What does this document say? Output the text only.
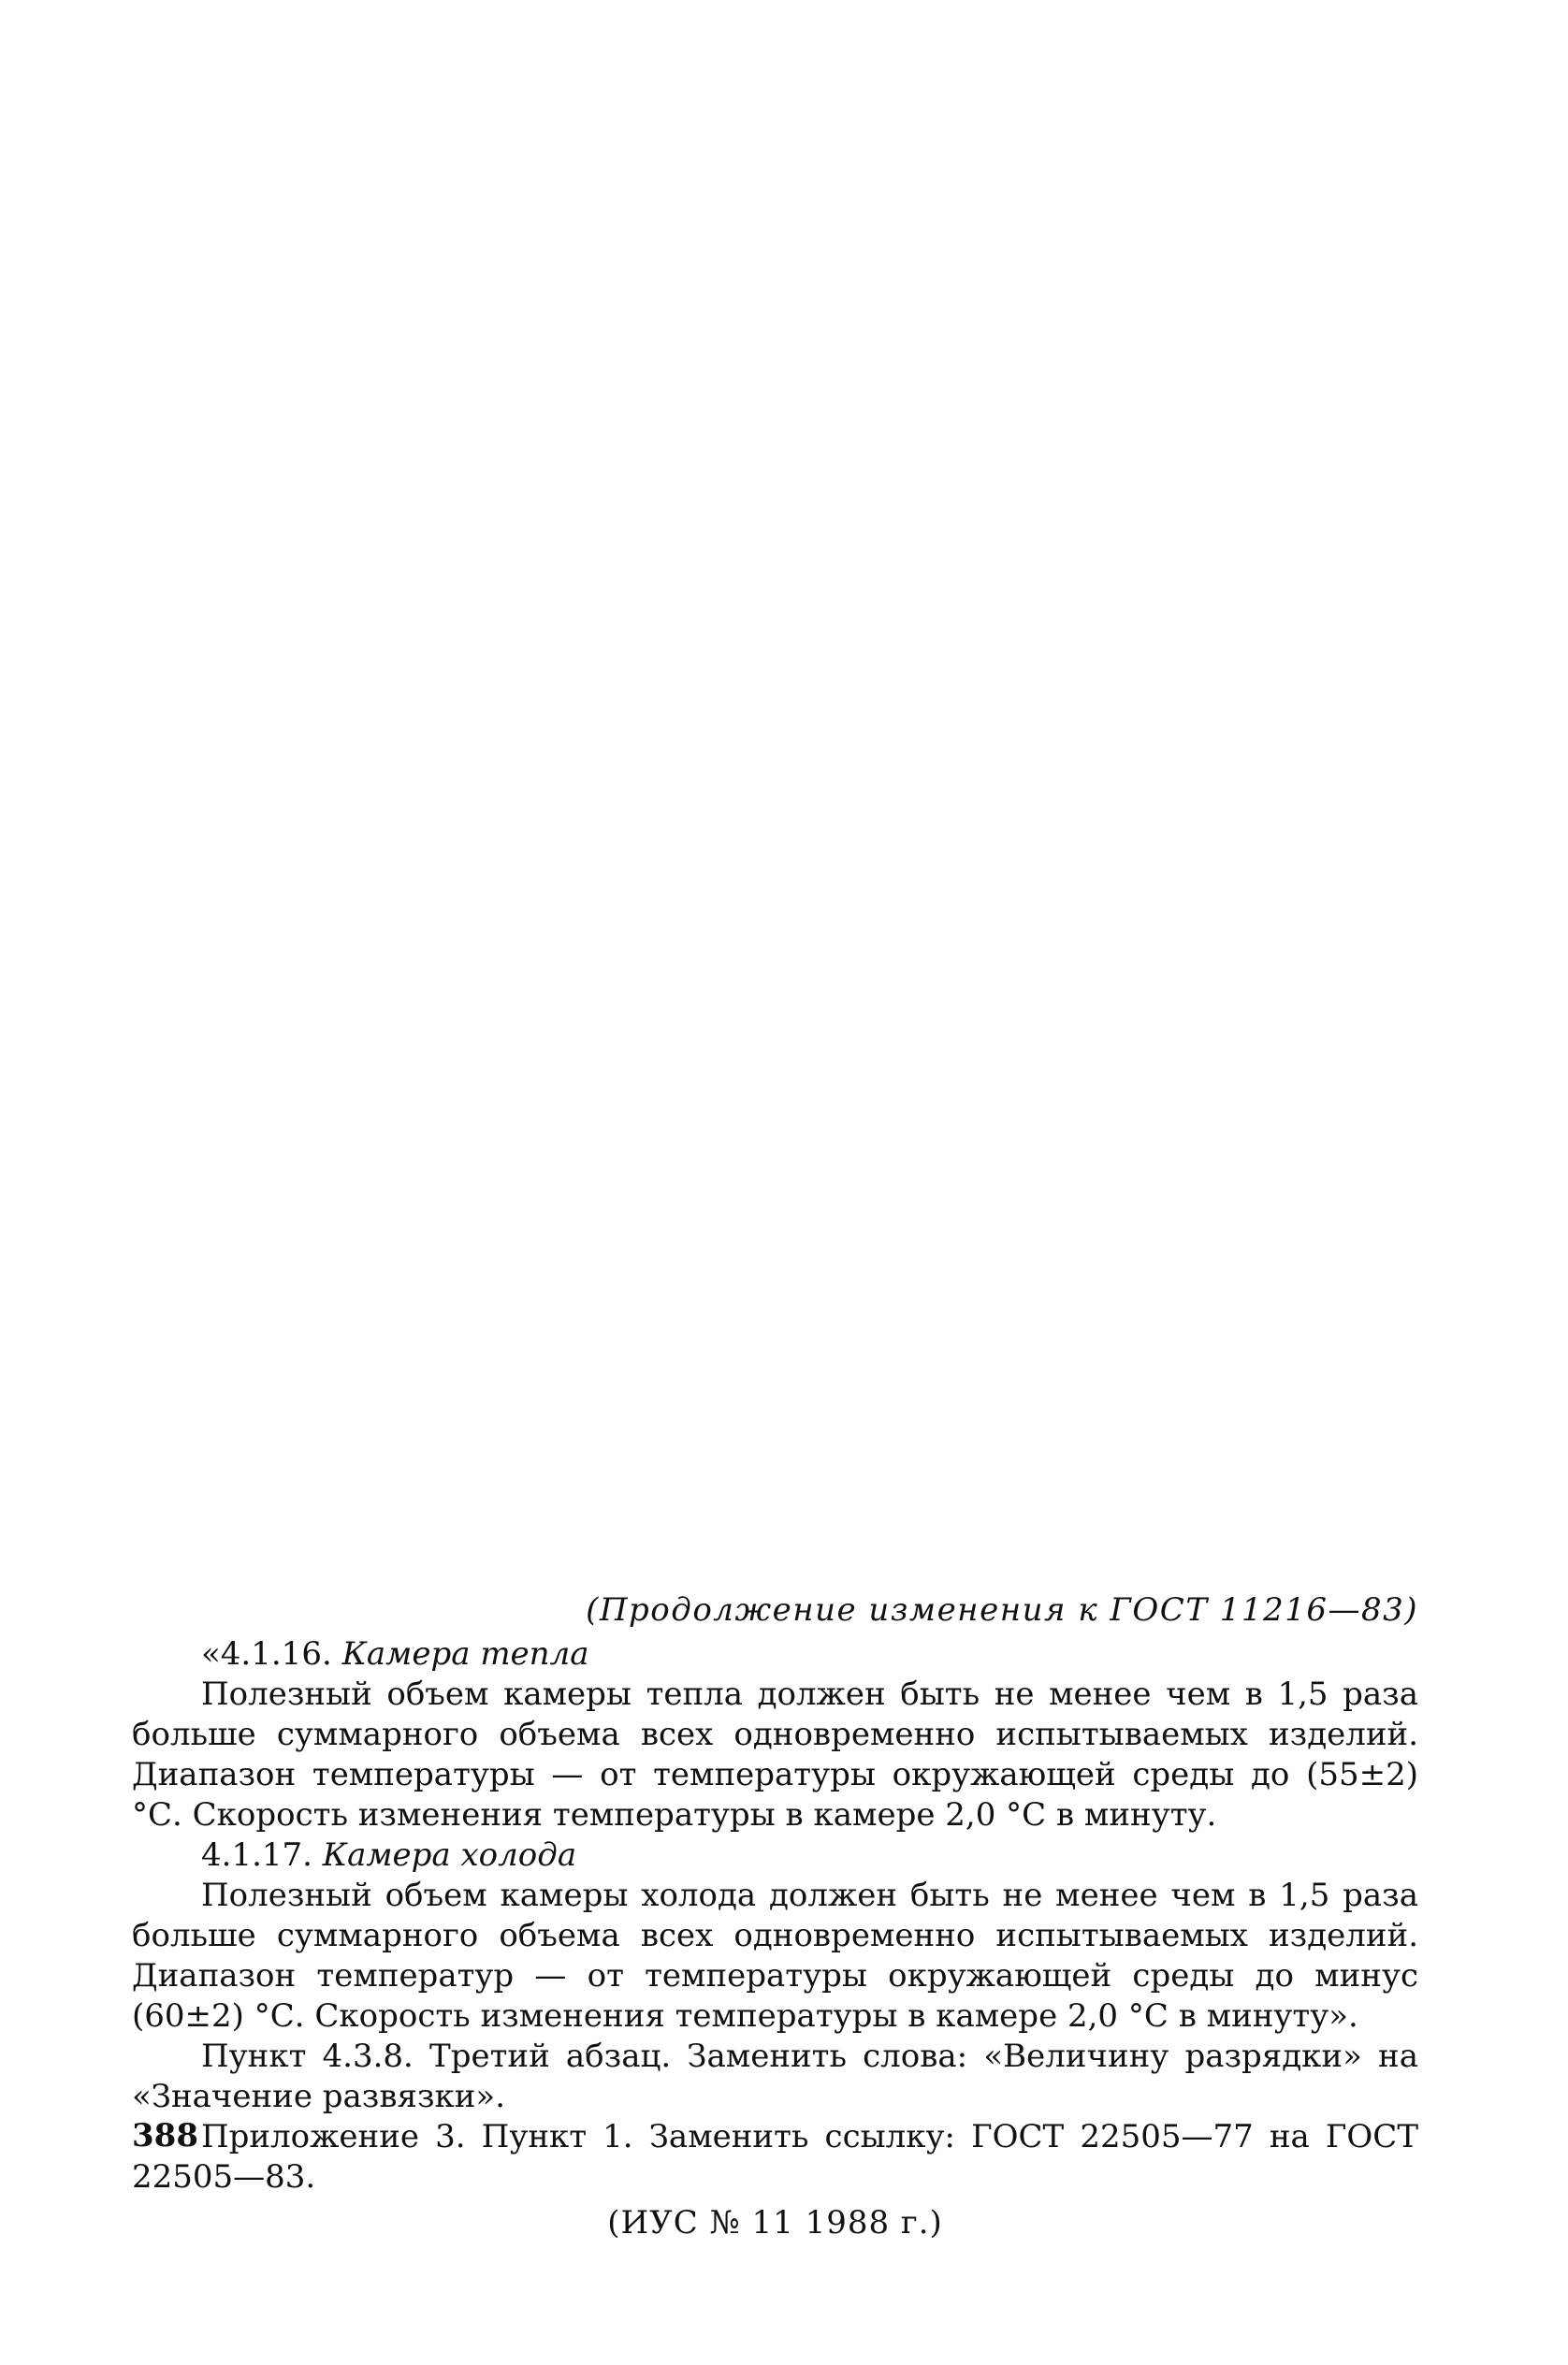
(Продолжение изменения к ГОСТ 11216—83)
«4.1.16. Камера тепла

Полезный объем камеры тепла должен быть не менее чем в 1,5 раза больше суммарного объема всех одновременно испытываемых изделий. Диапазон температуры — от температуры окружающей среды до (55±2) °С. Скорость изменения температуры в камере 2,0 °С в минуту.

4.1.17. Камера холода

Полезный объем камеры холода должен быть не менее чем в 1,5 раза больше суммарного объема всех одновременно испытываемых изделий. Диапазон температур — от температуры окружающей среды до минус (60±2) °С. Скорость изменения температуры в камере 2,0 °С в минуту».

Пункт 4.3.8. Третий абзац. Заменить слова: «Величину разрядки» на «Значение развязки».

Приложение 3. Пункт 1. Заменить ссылку: ГОСТ 22505—77 на ГОСТ 22505—83.

(ИУС № 11 1988 г.)
388
